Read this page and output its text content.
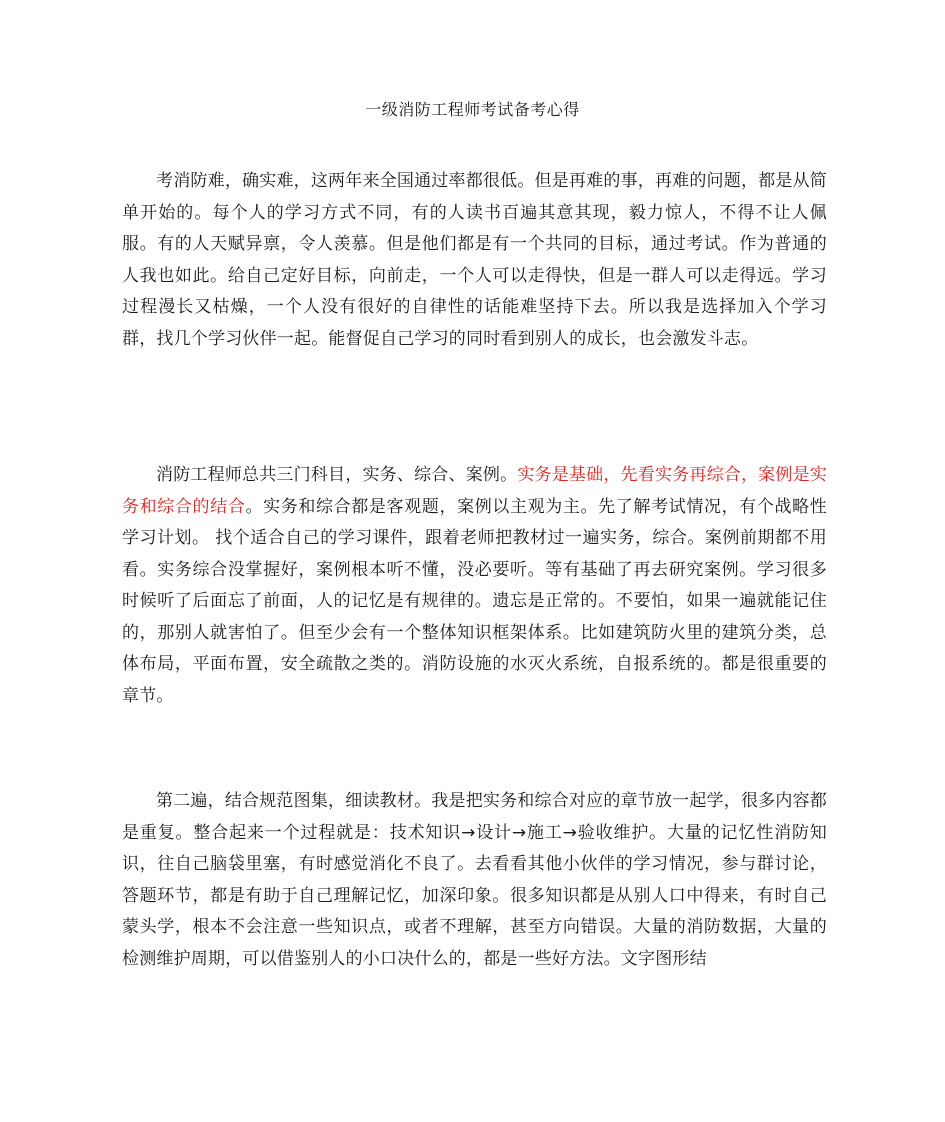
一级消防工程师考试备考心得

考消防难，确实难，这两年来全国通过率都很低。但是再难的事，再难的问题，都是从简单开始的。每个人的学习方式不同，有的人读书百遍其意其现，毅力惊人，不得不让人佩服。有的人天赋异禀，令人羡慕。但是他们都是有一个共同的目标，通过考试。作为普通的人我也如此。给自己定好目标，向前走，一个人可以走得快，但是一群人可以走得远。学习过程漫长又枯燥，一个人没有很好的自律性的话能难坚持下去。所以我是选择加入个学习群，找几个学习伙伴一起。能督促自己学习的同时看到别人的成长，也会激发斗志。

消防工程师总共三门科目，实务、综合、案例。实务是基础，先看实务再综合，案例是实务和综合的结合。实务和综合都是客观题，案例以主观为主。先了解考试情况，有个战略性学习计划。 找个适合自己的学习课件，跟着老师把教材过一遍实务，综合。案例前期都不用看。实务综合没掌握好，案例根本听不懂，没必要听。等有基础了再去研究案例。学习很多时候听了后面忘了前面，人的记忆是有规律的。遗忘是正常的。不要怕，如果一遍就能记住的，那别人就害怕了。但至少会有一个整体知识框架体系。比如建筑防火里的建筑分类，总体布局，平面布置，安全疏散之类的。消防设施的水灭火系统，自报系统的。都是很重要的章节。

第二遍，结合规范图集，细读教材。我是把实务和综合对应的章节放一起学，很多内容都是重复。整合起来一个过程就是：技术知识→设计→施工→验收维护。大量的记忆性消防知识，往自己脑袋里塞，有时感觉消化不良了。去看看其他小伙伴的学习情况，参与群讨论，答题环节，都是有助于自己理解记忆，加深印象。很多知识都是从别人口中得来，有时自己蒙头学，根本不会注意一些知识点，或者不理解，甚至方向错误。大量的消防数据，大量的检测维护周期，可以借鉴别人的小口决什么的，都是一些好方法。文字图形结
